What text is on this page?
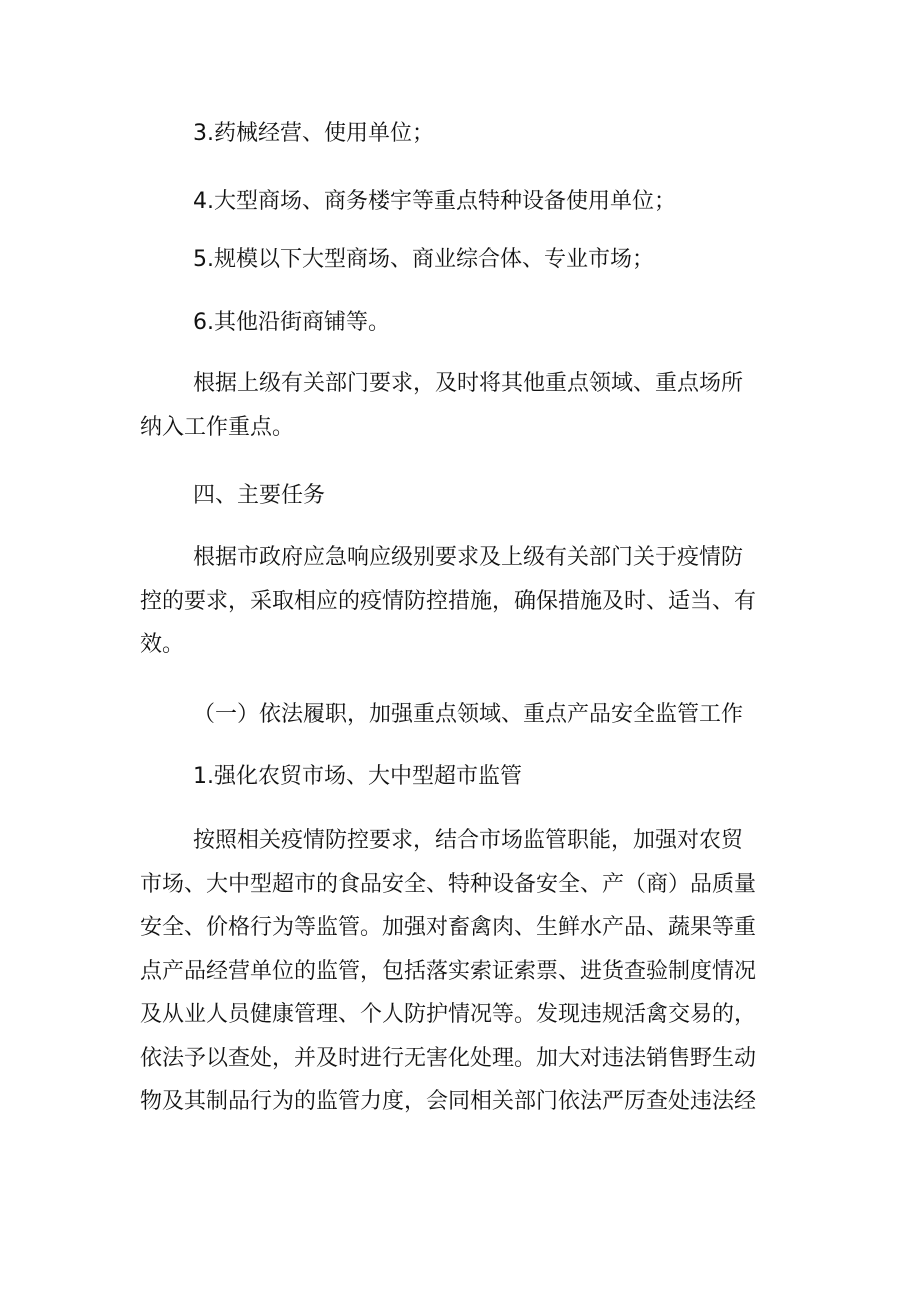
3.药械经营、使用单位；

4.大型商场、商务楼宇等重点特种设备使用单位；

5.规模以下大型商场、商业综合体、专业市场；

6.其他沿街商铺等。

根据上级有关部门要求，及时将其他重点领域、重点场所
纳入工作重点。

四、主要任务

根据市政府应急响应级别要求及上级有关部门关于疫情防
控的要求，采取相应的疫情防控措施，确保措施及时、适当、有
效。

（一）依法履职，加强重点领域、重点产品安全监管工作

1.强化农贸市场、大中型超市监管

按照相关疫情防控要求，结合市场监管职能，加强对农贸
市场、大中型超市的食品安全、特种设备安全、产（商）品质量
安全、价格行为等监管。加强对畜禽肉、生鲜水产品、蔬果等重
点产品经营单位的监管，包括落实索证索票、进货查验制度情况
及从业人员健康管理、个人防护情况等。发现违规活禽交易的，
依法予以查处，并及时进行无害化处理。加大对违法销售野生动
物及其制品行为的监管力度，会同相关部门依法严厉查处违法经
